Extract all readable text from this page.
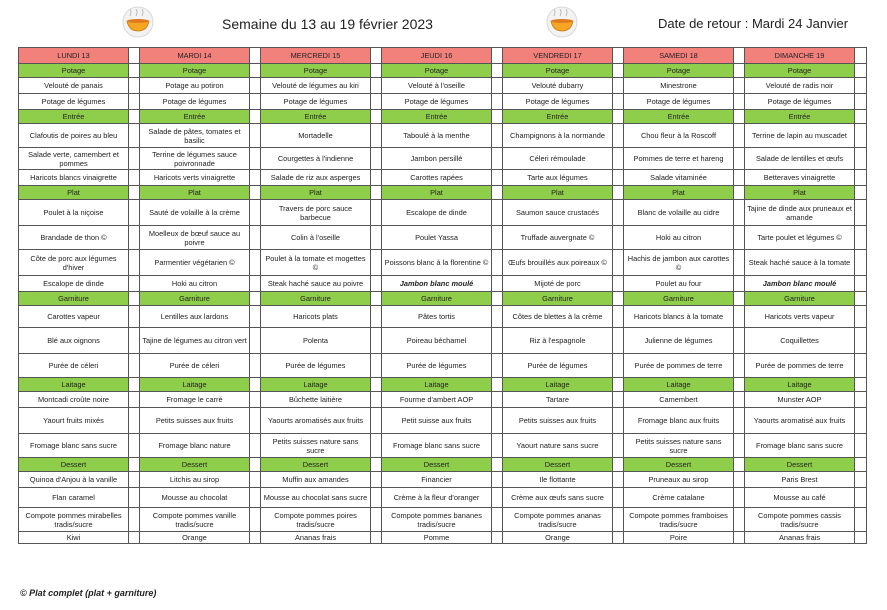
Semaine du 13 au 19 février 2023	Date de retour : Mardi 24 Janvier
LUNDI 13		MARDI 14		MERCREDI 15		JEUDI 16		VENDREDI 17		SAMEDI 18		DIMANCHE 19	
Potage		Potage		Potage		Potage		Potage		Potage		Potage	
Velouté de panais		Potage au potiron		Velouté de légumes au kiri		Velouté à l'oseille		Velouté dubarry		Minestrone		Velouté de radis noir	
Potage de légumes		Potage de légumes		Potage de légumes		Potage de légumes		Potage de légumes		Potage de légumes		Potage de légumes	
Entrée		Entrée		Entrée		Entrée		Entrée		Entrée		Entrée	
Clafoutis de poires au bleu		Salade de pâtes, tomates et basilic		Mortadelle		Taboulé à la menthe		Champignons à la normande		Chou fleur à la Roscoff		Terrine de lapin au muscadet	
Salade verte, camembert et pommes		Terrine de légumes sauce poivronnade		Courgettes à l'indienne		Jambon persillé		Céleri rémoulade		Pommes de terre et hareng		Salade de lentilles et œufs	
Haricots blancs vinaigrette		Haricots verts vinaigrette		Salade de riz aux asperges		Carottes rapées		Tarte aux légumes		Salade vitaminée		Betteraves vinaigrette	
Plat		Plat		Plat		Plat		Plat		Plat		Plat	
Poulet à la niçoise		Sauté de volaille à la crème		Travers de porc sauce barbecue		Escalope de dinde		Saumon sauce crustacés		Blanc de volaille au cidre		Tajine de dinde aux pruneaux et amande	
Brandade de thon ©		Moelleux de bœuf sauce au poivre		Colin à l'oseille		Poulet Yassa		Truffade auvergnate ©		Hoki au citron		Tarte poulet et légumes ©	
Côte de porc aux légumes d'hiver		Parmentier végétarien ©		Poulet à la tomate et mogettes ©		Poissons blanc à la florentine ©		Œufs brouillés aux poireaux ©		Hachis de jambon aux carottes ©		Steak haché sauce à la tomate	
Escalope de dinde		Hoki au citron		Steak haché sauce au poivre		Jambon blanc moulé		Mijoté de porc		Poulet au four		Jambon blanc moulé	
Garniture		Garniture		Garniture		Garniture		Garniture		Garniture		Garniture	
Carottes vapeur		Lentilles aux lardons		Haricots plats		Pâtes tortis		Côtes de blettes à la crème		Haricots blancs à la tomate		Haricots verts vapeur	
Blé aux oignons		Tajine de légumes au citron vert		Polenta		Poireau béchamel		Riz à l'espagnole		Julienne de légumes		Coquillettes	
Purée de céleri		Purée de céleri		Purée de légumes		Purée de légumes		Purée de légumes		Purée de pommes de terre		Purée de pommes de terre	
Laitage		Laitage		Laitage		Laitage		Laitage		Laitage		Laitage	
Montcadi croûte noire		Fromage le carré		Bûchette laitière		Fourme d'ambert AOP		Tartare		Camembert		Munster AOP	
Yaourt fruits mixés		Petits suisses aux fruits		Yaourts aromatisés aux fruits		Petit suisse aux fruits		Petits suisses aux fruits		Fromage blanc aux fruits		Yaourts aromatisé aux fruits	
Fromage blanc sans sucre		Fromage blanc nature		Petits suisses nature sans sucre		Fromage blanc sans sucre		Yaourt nature sans sucre		Petits suisses nature sans sucre		Fromage blanc sans sucre	
Dessert		Dessert		Dessert		Dessert		Dessert		Dessert		Dessert	
Quinoa d'Anjou à la vanille		Litchis au sirop		Muffin aux amandes		Financier		Ile flottante		Pruneaux au sirop		Paris Brest	
Flan caramel		Mousse au chocolat		Mousse au chocolat sans sucre		Crème à la fleur d'oranger		Crème aux œufs sans sucre		Crème catalane		Mousse au café	
Compote pommes mirabelles tradis/sucre		Compote pommes vanille tradis/sucre		Compote pommes poires tradis/sucre		Compote pommes bananes tradis/sucre		Compote pommes ananas tradis/sucre		Compote pommes framboises tradis/sucre		Compote pommes cassis tradis/sucre	
Kiwi		Orange		Ananas frais		Pomme		Orange		Poire		Ananas frais	
© Plat complet (plat + garniture)
